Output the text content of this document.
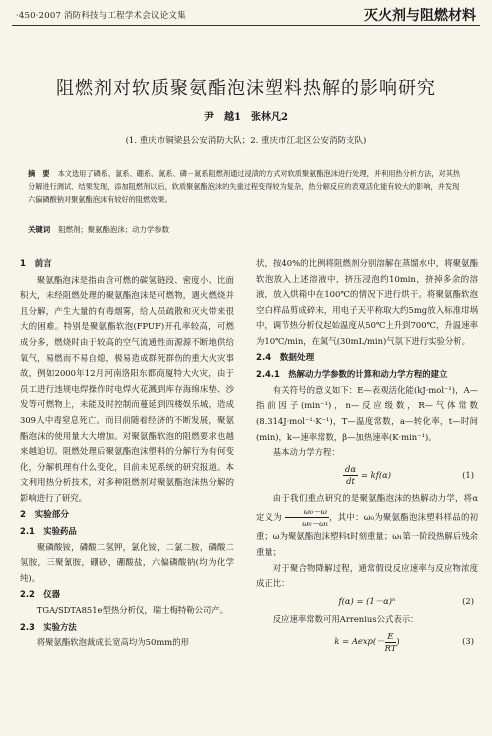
·450·2007 消防科技与工程学术会议论文集	灭火剂与阻燃材料
阻燃剂对软质聚氨酯泡沫塑料热解的影响研究
尹　越1　张林凡2
(1. 重庆市铜梁县公安消防大队；2. 重庆市江北区公安消防支队)
摘　要 本文选用了磷系、氯系、硼系、氮系、磷－氮系阻燃剂通过浸渍的方式对软质聚氨酯泡沫进行处理，并利用热分析方法，对其热分解进行测试、结果发现，添加阻燃剂以后，软质聚氨酯泡沫的失重过程变得较为复杂，热分解反应的表观活化能有较大的影响，并发现六偏磷酸钠对聚氨酯泡沫有较好的阻燃效果。
关键词 阻燃剂；聚氨酯泡沫；动力学参数
1　前言

聚氨酯泡沫是指由含可燃的碳氢链段、密度小、比面积大，未经阻燃处理的聚氨酯泡沫是可燃物，遇火燃烧并且分解，产生大量的有毒烟雾，给人员疏散和灭火带来很大的困难。特别是聚氨酯软泡(FPUF)开孔率较高，可燃成分多，燃烧时由于较高的空气流通性而源源不断地供给氧气，易燃而不易自熄，极易造成群死群伤的重大火灾事故，例如2000年12月河南洛阳东都商厦特大火灾，由于员工进行违规电焊操作时电焊火花溅到库存海绵床垫、沙发等可燃物上，未能及时控制而蔓延到四楼娱乐城，造成309人中毒窒息死亡。而目前随着经济的不断发展，聚氨酯泡沫的使用量大大增加。对聚氨酯软泡的阻燃要求也越来越迫切。阻燃处理后聚氨酯泡沫塑料的分解行为有何变化，分解机理有什么变化，目前未见系统的研究报道。本文利用热分析技术，对多种阻燃剂对聚氨酯泡沫热分解的影响进行了研究。

2　实验部分
2.1　实验药品

聚磷酸铵，磷酸二氢钾，氯化铵，二氯二胺，磷酸二氢胺，三聚氰胺，硼砂，硼酸盐，六偏磷酸钠(均为化学纯)。

2.2　仪器

TGA/SDTA851e型热分析仪，瑞士梅特勒公司产。

2.3　实验方法

将聚氨酯软泡裁成长宽高均为50mm的形

状，按40%的比例将阻燃剂分别溶解在蒸馏水中，将聚氨酯软泡放入上述溶液中，挤压浸泡约10min，挤掉多余的溶液，放入烘箱中在100℃的情况下进行烘干。将聚氨酯软泡空白样品剪成碎末，用电子天平称取大约5mg放入标准坩埚中，调节热分析仪起始温度从50℃上升到700℃，升温速率为10℃/min，在氮气(30mL/min)气氛下进行实验分析。

2.4　数据处理
2.4.1　热解动力学参数的计算和动力学方程的建立

有关符号的意义如下：E—表观活化能(kJ·mol⁻¹)，A—指前因子(min⁻¹)，n—反应级数，R—气体常数(8.314J·mol⁻¹·K⁻¹)，T—温度常数，a—转化率，t—时间(min)，k—速率常数，β—加热速率(K·min⁻¹)。

基本动力学方程：

$\frac{d\alpha}{dt} = kf(\alpha)$	(1)

由于我们重点研究的是聚氨酯泡沫的热解动力学，将α定义为 $\frac{\text{ω₀－ω}}{\text{ω₀－ω₁}}$ ，其中：ω₀为聚氨酯泡沫塑料样品的初重；ω为聚氨酯泡沫塑料t时刻重量；ω₁第一阶段热解后残余重量；

对于聚合物降解过程，通常假设反应速率与反应物浓度成正比：

f(α) = (1－α)ⁿ	(2)

反应速率常数可用Arrenius公式表示：

$k = Aexp(- \frac{E}{RT}$ )	(3)
